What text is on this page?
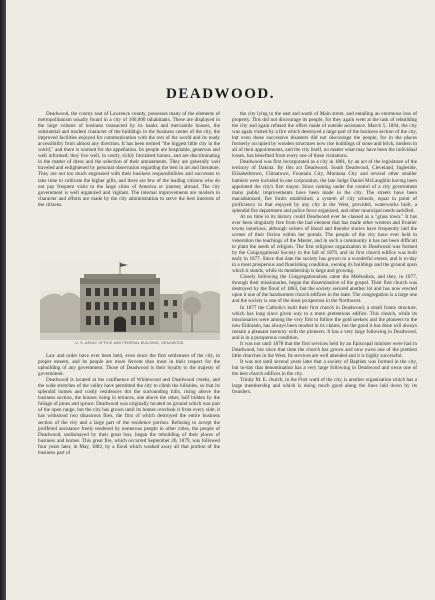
DEADWOOD.

Deadwood, the county seat of Lawrence county, possesses many of the elements of metropolitanism usually found in a city of 100,000 inhabitants. These are displayed in the large volume of business transacted by its banks and mercantile houses, the substantial and modern character of the buildings in the business center of the city, the improved facilities enjoyed for communication with the rest of the world and its ready accessibility from almost any direction. It has been termed "the biggest little city in the world," and there is warrant for the appellation. Its people are hospitable, generous and well informed; they live well, in costly, richly furnished homes, and are discriminating in the matter of dress and the selection of their amusements. They are generally well traveled and enlightened by personal observation regarding the best in art and literature. They are not too much engrossed with their business responsibilities and successes to take time to cultivate the higher gifts, and there are few of the leading citizens who do not pay frequent visits to the large cities of America or journey abroad. The city government is well organized and vigilant. The internal improvements are modern in character and efforts are made by the city administration to serve the best interests of the citizens.

U. S. ASSAY OFFICE AND FEDERAL BUILDING, DEADWOOD.

Law and order have ever been held, even since the first settlement of the city, in proper esteem, and its people are more fervent than most in their respect for the upbuilding of any government. Those of Deadwood is their loyalty to the majesty of government.

Deadwood is located at the confluence of Whitewood and Deadwood creeks, and the wide stretches of the valley have permitted the city to climb the hillsides, so that its splendid homes and costly residences dot the surrounding hills, rising above the business section, the houses rising in terraces, one above the other, half hidden by the foliage of pines and spruce. Deadwood was originally located on ground which was part of the open range, but the city has grown until its homes overlook it from every side; it has withstood two disastrous fires, the first of which destroyed the entire business section of the city and a large part of the residence portion. Refusing to accept the proffered assistance freely tendered by numerous people in other cities, the people of Deadwood, undismayed by their great loss, began the rebuilding of their places of business and homes. This great fire, which occurred September 26, 1879, was followed four years later, in May, 1883, by a flood which washed away all that portion of the business part of

the city lying to the east and south of Main street, and entailing an enormous loss of property. This did not discourage its people, for they again went at the task of rebuilding the city and again refused the offers made of outside assistance. March 5, 1894, the city was again visited by a fire which destroyed a large part of the business section of the city, but even these successive disasters did not discourage the people, for in the places formerly occupied by wooden structures now rise buildings of stone and brick, modern in all of their appointments, and the city itself, no matter what may have been the individual losses, has benefited from every one of these visitations.

Deadwood was first incorporated as a city in 1881, by an act of the legislature of the territory of Dakota. By this act Deadwood, South Deadwood, Cleveland, Ingleside, Elizabethtown, Chinatown, Fountain City, Montana City and several other smaller hamlets were included in one corporation, the late Judge Daniel McLaughlin having been appointed the city's first mayor. Since coming under the control of a city government many public improvements have been made in the city. The streets have been macadamized, fire limits established, a system of city schools, equal in point of proficiency to that enjoyed by any city in the West, provided, waterworks built, a splendid fire department and police force organized, and other municipal needs satisfied.

At no time in its history could Deadwood ever be classed as a "grass town." It has ever been singularly free from the bad element that has made other western and frontier towns notorious, although writers of blood and thunder stories have frequently laid the scenes of their fiction within her portals. The people of the city have ever held in veneration the teachings of the Master, and in such a community it has not been difficult to plant the seeds of religion. The first religious organization in Deadwood was formed by the Congregational Society in the fall of 1876, and its first church edifice was built early in 1877. Since that date the society has grown to a wonderful extent, and is to-day in a most prosperous and flourishing condition, owning its buildings and the ground upon which it stands, while its membership is large and growing.

Closely following the Congregationalists came the Methodists, and they, in 1877, through their missionaries, began the dissemination of the gospel. Their first church was destroyed by the flood of 1883, but the society secured another lot and has now erected upon it one of the handsomest church edifices in the state. The congregation is a large one and the society is one of the most prosperous in the Northwest.

In 1877 the Catholics built their first church in Deadwood, a small frame structure, which has long since given way to a more pretentious edifice. This church, while its missionaries were among the very first to follow the gold seekers and the pioneers to the new Eldorado, has always been modest in its claims, but the good it has done will always remain a pleasant memory with the pioneers. It has a very large following in Deadwood, and is in a prosperous condition.

It was not until 1878 that the first services held by an Episcopal minister were had in Deadwood, but since that time the church has grown and now owns one of the prettiest little churches in the West. Its services are well attended and it is highly successful.

It was not until several years later that a society of Baptists was formed in the city, but to-day that denomination has a very large following in Deadwood and owns one of the best church edifices in the city.

Trinity M. E. church, in the First ward of the city, is another organization which has a large membership and which is doing much good along the lines laid down by its founders.
